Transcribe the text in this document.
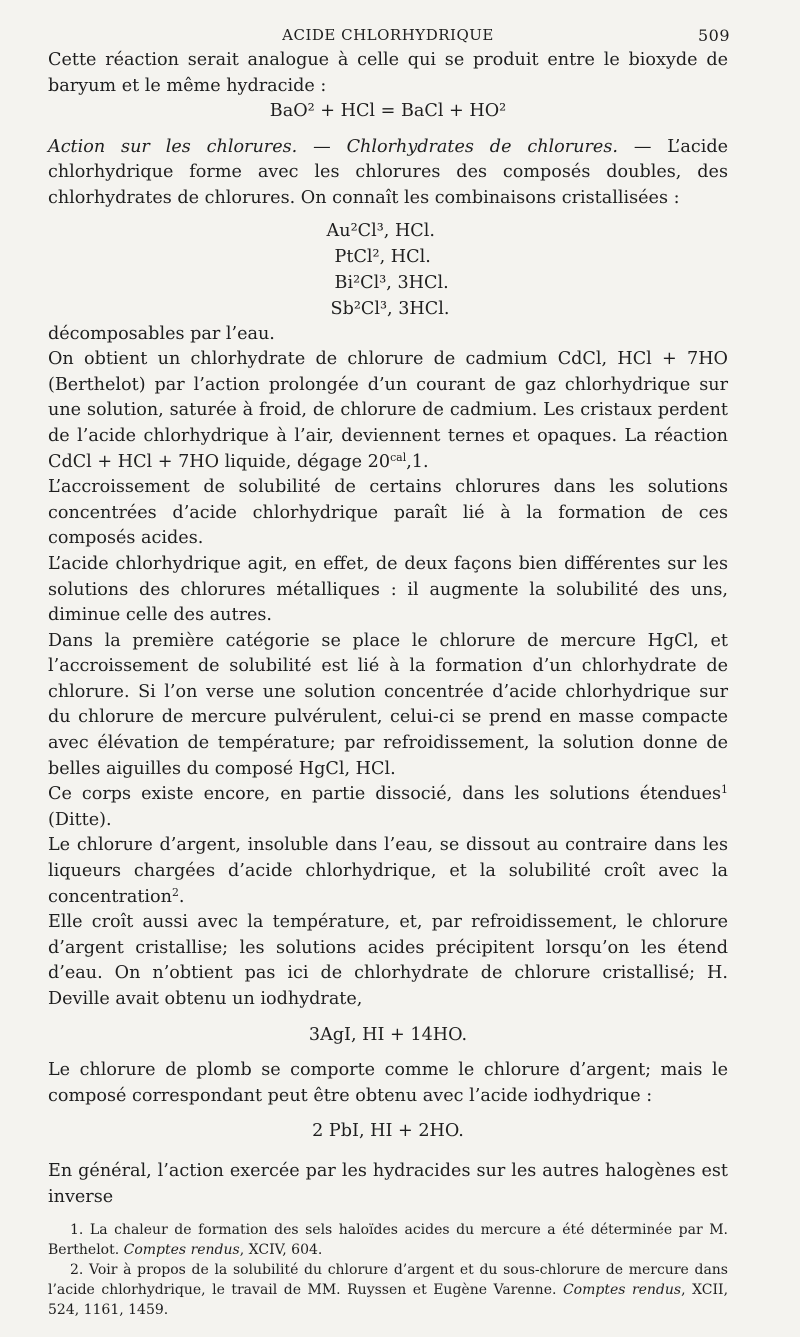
ACIDE CHLORHYDRIQUE	509

Cette réaction serait analogue à celle qui se produit entre le bioxyde de baryum et le même hydracide :

BaO² + HCl = BaCl + HO²

Action sur les chlorures. — Chlorhydrates de chlorures. — L’acide chlorhydrique forme avec les chlorures des composés doubles, des chlorhydrates de chlorures. On connaît les combinaisons cristallisées :

Au²Cl³, HCl.
PtCl², HCl.
Bi²Cl³, 3HCl.
Sb²Cl³, 3HCl.

décomposables par l’eau.

On obtient un chlorhydrate de chlorure de cadmium CdCl, HCl + 7HO (Berthelot) par l’action prolongée d’un courant de gaz chlorhydrique sur une solution, saturée à froid, de chlorure de cadmium. Les cristaux perdent de l’acide chlorhydrique à l’air, deviennent ternes et opaques. La réaction CdCl + HCl + 7HO liquide, dégage $20^{cal},1$.

L’accroissement de solubilité de certains chlorures dans les solutions concentrées d’acide chlorhydrique paraît lié à la formation de ces composés acides.

L’acide chlorhydrique agit, en effet, de deux façons bien différentes sur les solutions des chlorures métalliques : il augmente la solubilité des uns, diminue celle des autres.

Dans la première catégorie se place le chlorure de mercure HgCl, et l’accroissement de solubilité est lié à la formation d’un chlorhydrate de chlorure. Si l’on verse une solution concentrée d’acide chlorhydrique sur du chlorure de mercure pulvérulent, celui-ci se prend en masse compacte avec élévation de température; par refroidissement, la solution donne de belles aiguilles du composé HgCl, HCl.

Ce corps existe encore, en partie dissocié, dans les solutions étendues$^1$ (Ditte).

Le chlorure d’argent, insoluble dans l’eau, se dissout au contraire dans les liqueurs chargées d’acide chlorhydrique, et la solubilité croît avec la concentration$^2$.

Elle croît aussi avec la température, et, par refroidissement, le chlorure d’argent cristallise; les solutions acides précipitent lorsqu’on les étend d’eau. On n’obtient pas ici de chlorhydrate de chlorure cristallisé; H. Deville avait obtenu un iodhydrate,

3AgI, HI + 14HO.

Le chlorure de plomb se comporte comme le chlorure d’argent; mais le composé correspondant peut être obtenu avec l’acide iodhydrique :

2 PbI, HI + 2HO.

En général, l’action exercée par les hydracides sur les autres halogènes est inverse

1. La chaleur de formation des sels haloïdes acides du mercure a été déterminée par M. Berthelot. Comptes rendus, XCIV, 604.

2. Voir à propos de la solubilité du chlorure d’argent et du sous-chlorure de mercure dans l’acide chlorhydrique, le travail de MM. Ruyssen et Eugène Varenne. Comptes rendus, XCII, 524, 1161, 1459.
